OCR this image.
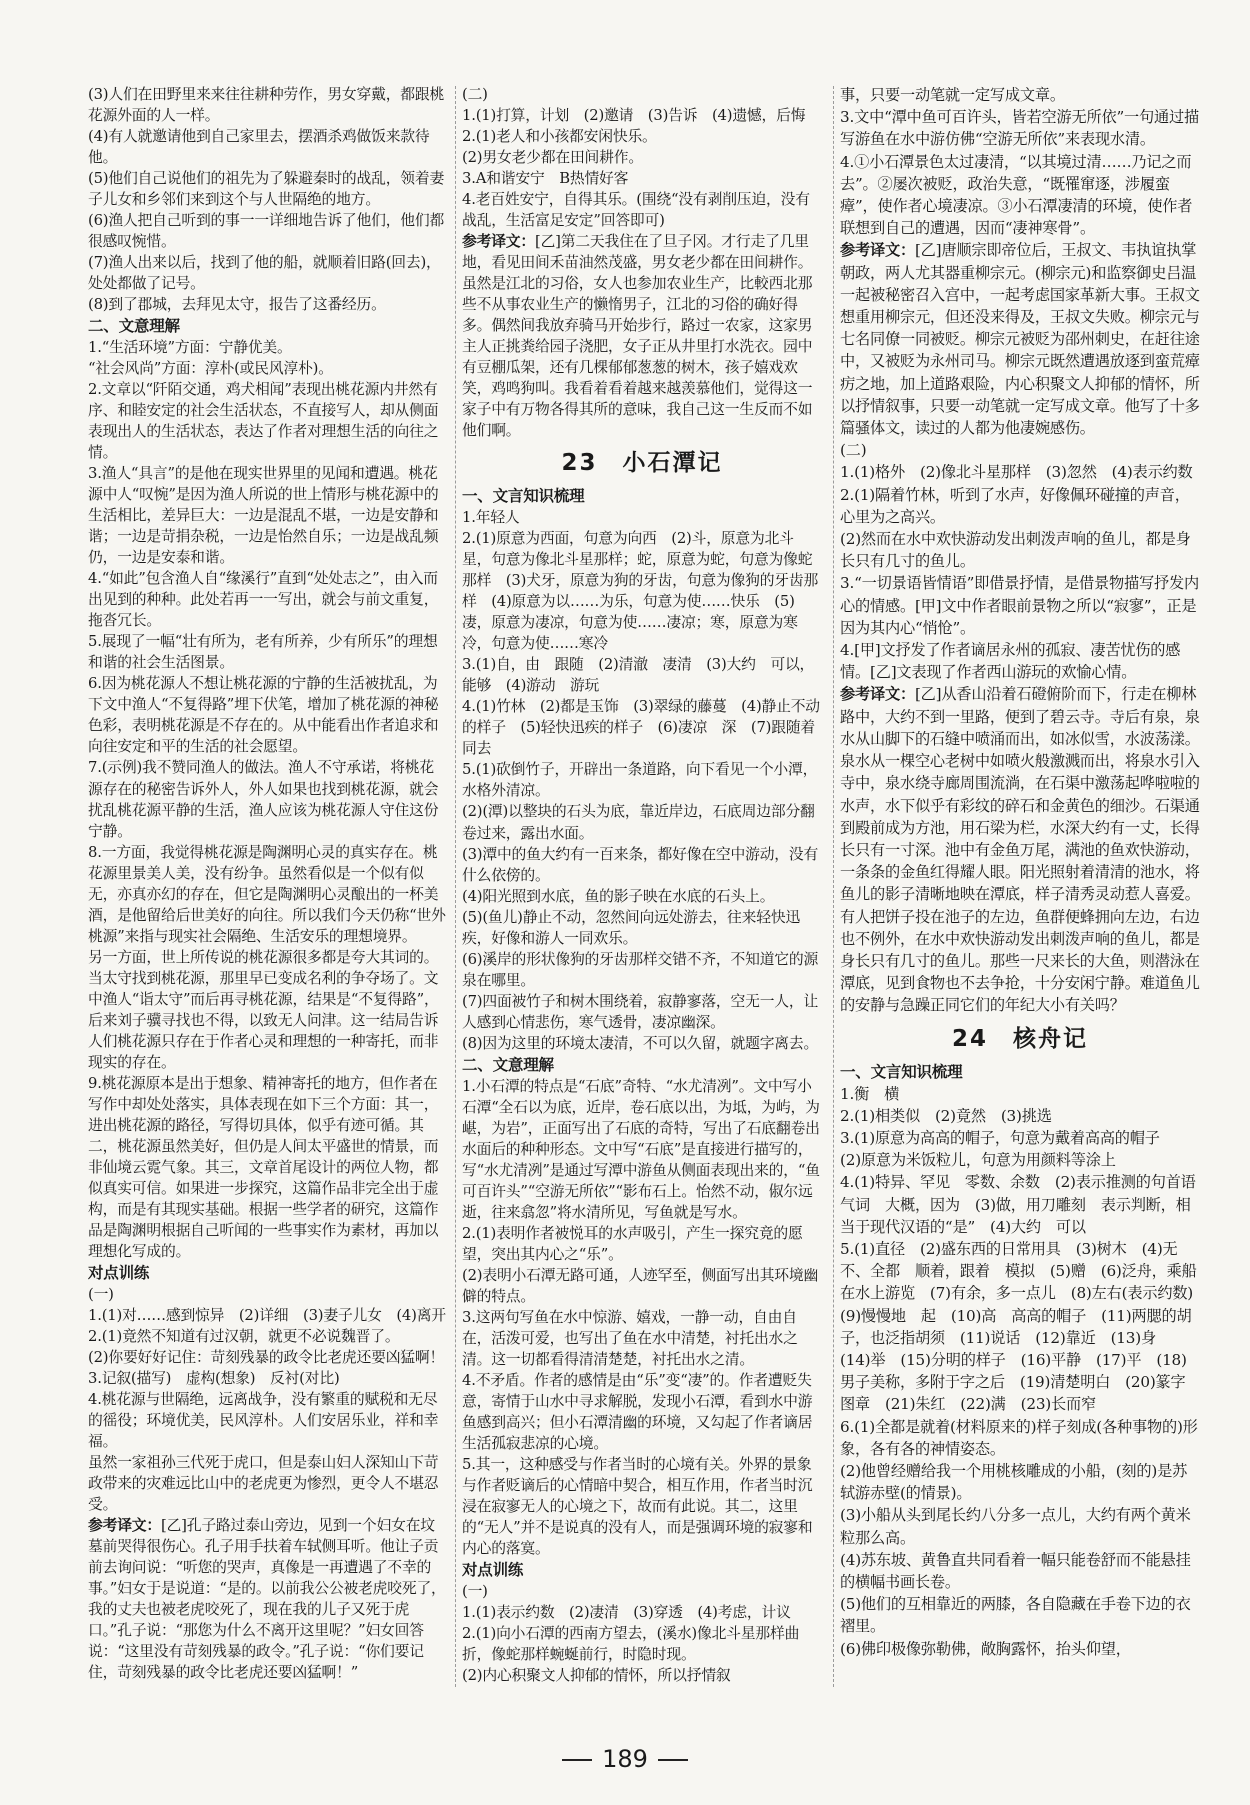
(3)人们在田野里来来往往耕种劳作，男女穿戴，都跟桃花源外面的人一样。
(4)有人就邀请他到自己家里去，摆酒杀鸡做饭来款待他。
(5)他们自己说他们的祖先为了躲避秦时的战乱，领着妻子儿女和乡邻们来到这个与人世隔绝的地方。
(6)渔人把自己听到的事一一详细地告诉了他们，他们都很感叹惋惜。
(7)渔人出来以后，找到了他的船，就顺着旧路(回去)，处处都做了记号。
(8)到了郡城，去拜见太守，报告了这番经历。

二、文意理解

1.“生活环境”方面：宁静优美。
“社会风尚”方面：淳朴(或民风淳朴)。
2.文章以“阡陌交通，鸡犬相闻”表现出桃花源内井然有序、和睦安定的社会生活状态，不直接写人，却从侧面表现出人的生活状态，表达了作者对理想生活的向往之情。
3.渔人“具言”的是他在现实世界里的见闻和遭遇。桃花源中人“叹惋”是因为渔人所说的世上情形与桃花源中的生活相比，差异巨大：一边是混乱不堪，一边是安静和谐；一边是苛捐杂税，一边是怡然自乐；一边是战乱频仍，一边是安泰和谐。
4.“如此”包含渔人自“缘溪行”直到“处处志之”，由入而出见到的种种。此处若再一一写出，就会与前文重复，拖沓冗长。
5.展现了一幅“壮有所为，老有所养，少有所乐”的理想和谐的社会生活图景。
6.因为桃花源人不想让桃花源的宁静的生活被扰乱，为下文中渔人“不复得路”埋下伏笔，增加了桃花源的神秘色彩，表明桃花源是不存在的。从中能看出作者追求和向往安定和平的生活的社会愿望。
7.(示例)我不赞同渔人的做法。渔人不守承诺，将桃花源存在的秘密告诉外人，外人如果也找到桃花源，就会扰乱桃花源平静的生活，渔人应该为桃花源人守住这份宁静。
8.一方面，我觉得桃花源是陶渊明心灵的真实存在。桃花源里景美人美，没有纷争。虽然看似是一个似有似无，亦真亦幻的存在，但它是陶渊明心灵酿出的一杯美酒，是他留给后世美好的向往。所以我们今天仍称“世外桃源”来指与现实社会隔绝、生活安乐的理想境界。
另一方面，世上所传说的桃花源很多都是夸大其词的。当太守找到桃花源，那里早已变成名利的争夺场了。文中渔人“诣太守”而后再寻桃花源，结果是“不复得路”，后来刘子骥寻找也不得，以致无人问津。这一结局告诉人们桃花源只存在于作者心灵和理想的一种寄托，而非现实的存在。
9.桃花源原本是出于想象、精神寄托的地方，但作者在写作中却处处落实，具体表现在如下三个方面：其一，进出桃花源的路径，写得切具体，似乎有迹可循。其二，桃花源虽然美好，但仍是人间太平盛世的情景，而非仙境云霓气象。其三，文章首尾设计的两位人物，都似真实可信。如果进一步探究，这篇作品非完全出于虚构，而是有其现实基础。根据一些学者的研究，这篇作品是陶渊明根据自己听闻的一些事实作为素材，再加以理想化写成的。

对点训练

(一)
1.(1)对……感到惊异　(2)详细　(3)妻子儿女　(4)离开
2.(1)竟然不知道有过汉朝，就更不必说魏晋了。
(2)你要好好记住：苛刻残暴的政令比老虎还要凶猛啊！
3.记叙(描写)　虚构(想象)　反衬(对比)
4.桃花源与世隔绝，远离战争，没有繁重的赋税和无尽的徭役；环境优美，民风淳朴。人们安居乐业，祥和幸福。
虽然一家祖孙三代死于虎口，但是泰山妇人深知山下苛政带来的灾难远比山中的老虎更为惨烈，更令人不堪忍受。

参考译文：[乙]孔子路过泰山旁边，见到一个妇女在坟墓前哭得很伤心。孔子用手扶着车轼侧耳听。他让子贡前去询问说：“听您的哭声，真像是一再遭遇了不幸的事。”妇女于是说道：“是的。以前我公公被老虎咬死了，我的丈夫也被老虎咬死了，现在我的儿子又死于虎口。”孔子说：“那您为什么不离开这里呢？”妇女回答说：“这里没有苛刻残暴的政令。”孔子说：“你们要记住，苛刻残暴的政令比老虎还要凶猛啊！”

(二)
1.(1)打算，计划　(2)邀请　(3)告诉　(4)遗憾，后悔
2.(1)老人和小孩都安闲快乐。
(2)男女老少都在田间耕作。
3.A和谐安宁　B热情好客
4.老百姓安宁，自得其乐。(围绕“没有剥削压迫，没有战乱，生活富足安定”回答即可)

参考译文：[乙]第二天我住在了旦子冈。才行走了几里地，看见田间禾苗油然茂盛，男女老少都在田间耕作。虽然是江北的习俗，女人也参加农业生产，比較西北那些不从事农业生产的懒惰男子，江北的习俗的确好得多。偶然间我放弃骑马开始步行，路过一农家，这家男主人正挑粪给园子浇肥，女子正从井里打水洗衣。园中有豆棚瓜架，还有几棵郁郁葱葱的树木，孩子嬉戏欢笑，鸡鸣狗叫。我看着看着越来越羡慕他们，觉得这一家子中有万物各得其所的意味，我自己这一生反而不如他们啊。

23　小石潭记

一、文言知识梳理

1.年轻人
2.(1)原意为西面，句意为向西　(2)斗，原意为北斗星，句意为像北斗星那样；蛇，原意为蛇，句意为像蛇那样　(3)犬牙，原意为狗的牙齿，句意为像狗的牙齿那样　(4)原意为以……为乐，句意为使……快乐　(5)凄，原意为凄凉，句意为使……凄凉；寒，原意为寒冷，句意为使……寒冷
3.(1)自，由　跟随　(2)清澈　凄清　(3)大约　可以，能够　(4)游动　游玩
4.(1)竹林　(2)都是玉饰　(3)翠绿的藤蔓　(4)静止不动的样子　(5)轻快迅疾的样子　(6)凄凉　深　(7)跟随着同去
5.(1)砍倒竹子，开辟出一条道路，向下看见一个小潭，水格外清凉。
(2)(潭)以整块的石头为底，靠近岸边，石底周边部分翻卷过来，露出水面。
(3)潭中的鱼大约有一百来条，都好像在空中游动，没有什么依傍的。
(4)阳光照到水底，鱼的影子映在水底的石头上。
(5)(鱼儿)静止不动，忽然间向远处游去，往来轻快迅疾，好像和游人一同欢乐。
(6)溪岸的形状像狗的牙齿那样交错不齐，不知道它的源泉在哪里。
(7)四面被竹子和树木围绕着，寂静寥落，空无一人，让人感到心情悲伤，寒气透骨，凄凉幽深。
(8)因为这里的环境太凄清，不可以久留，就题字离去。

二、文意理解

1.小石潭的特点是“石底”奇特、“水尤清冽”。文中写小石潭“全石以为底，近岸，卷石底以出，为坻，为屿，为嵁，为岩”，正面写出了石底的奇特，写出了石底翻卷出水面后的种种形态。文中写“石底”是直接进行描写的，写“水尤清冽”是通过写潭中游鱼从侧面表现出来的，“鱼可百许头”“空游无所依”“影布石上。怡然不动，俶尔远逝，往来翕忽”将水清所见，写鱼就是写水。
2.(1)表明作者被悦耳的水声吸引，产生一探究竟的愿望，突出其内心之“乐”。
(2)表明小石潭无路可通，人迹罕至，侧面写出其环境幽僻的特点。
3.这两句写鱼在水中惊游、嬉戏，一静一动，自由自在，活泼可爱，也写出了鱼在水中清楚，衬托出水之清。这一切都看得清清楚楚，衬托出水之清。
4.不矛盾。作者的感情是由“乐”变“凄”的。作者遭贬失意，寄情于山水中寻求解脱，发现小石潭，看到水中游鱼感到高兴；但小石潭清幽的环境，又勾起了作者谪居生活孤寂悲凉的心境。
5.其一，这种感受与作者当时的心境有关。外界的景象与作者贬谪后的心情暗中契合，相互作用，作者当时沉浸在寂寥无人的心境之下，故而有此说。其二，这里的“无人”并不是说真的没有人，而是强调环境的寂寥和内心的落寞。

对点训练

(一)
1.(1)表示约数　(2)凄清　(3)穿透　(4)考虑，计议
2.(1)向小石潭的西南方望去，(溪水)像北斗星那样曲折，像蛇那样蜿蜒前行，时隐时现。
(2)内心积聚文人抑郁的情怀，所以抒情叙

事，只要一动笔就一定写成文章。
3.文中“潭中鱼可百许头，皆若空游无所依”一句通过描写游鱼在水中游仿佛“空游无所依”来表现水清。
4.①小石潭景色太过凄清，“以其境过清……乃记之而去”。②屡次被贬，政治失意，“既罹窜逐，涉履蛮瘴”，使作者心境凄凉。③小石潭凄清的环境，使作者联想到自己的遭遇，因而“凄神寒骨”。

参考译文：[乙]唐顺宗即帝位后，王叔文、韦执谊执掌朝政，两人尤其器重柳宗元。(柳宗元)和监察御史吕温一起被秘密召入宫中，一起考虑国家革新大事。王叔文想重用柳宗元，但还没来得及，王叔文失败。柳宗元与七名同僚一同被贬。柳宗元被贬为邵州刺史，在赶往途中，又被贬为永州司马。柳宗元既然遭遇放逐到蛮荒瘴疠之地，加上道路艰险，内心积聚文人抑郁的情怀，所以抒情叙事，只要一动笔就一定写成文章。他写了十多篇骚体文，读过的人都为他凄婉感伤。

(二)
1.(1)格外　(2)像北斗星那样　(3)忽然　(4)表示约数
2.(1)隔着竹林，听到了水声，好像佩环碰撞的声音，心里为之高兴。
(2)然而在水中欢快游动发出刺泼声响的鱼儿，都是身长只有几寸的鱼儿。
3.“一切景语皆情语”即借景抒情，是借景物描写抒发内心的情感。[甲]文中作者眼前景物之所以“寂寥”，正是因为其内心“悄怆”。
4.[甲]文抒发了作者谪居永州的孤寂、凄苦忧伤的感情。[乙]文表现了作者西山游玩的欢愉心情。

参考译文：[乙]从香山沿着石磴俯阶而下，行走在柳林路中，大约不到一里路，便到了碧云寺。寺后有泉，泉水从山脚下的石缝中喷涌而出，如冰似雪，水波荡漾。泉水从一棵空心老树中如喷火般激溅而出，将泉水引入寺中，泉水绕寺廊周围流淌，在石渠中激荡起哗啦啦的水声，水下似乎有彩纹的碎石和金黄色的细沙。石渠通到殿前成为方池，用石梁为栏，水深大约有一丈，长得长只有一寸深。池中有金鱼万尾，满池的鱼欢快游动，一条条的金鱼红得耀人眼。阳光照射着清清的池水，将鱼儿的影子清晰地映在潭底，样子清秀灵动惹人喜爱。有人把饼子投在池子的左边，鱼群便蜂拥向左边，右边也不例外，在水中欢快游动发出刺泼声响的鱼儿，都是身长只有几寸的鱼儿。那些一尺来长的大鱼，则潜泳在潭底，见到食物也不去争抢，十分安闲宁静。难道鱼儿的安静与急躁正同它们的年纪大小有关吗？

24　核舟记

一、文言知识梳理

1.衡　横
2.(1)相类似　(2)竟然　(3)挑选
3.(1)原意为高高的帽子，句意为戴着高高的帽子
(2)原意为米饭粒儿，句意为用颜料等涂上
4.(1)特异、罕见　零数、余数　(2)表示推测的句首语气词　大概，因为　(3)做，用刀雕刻　表示判断，相当于现代汉语的“是”　(4)大约　可以
5.(1)直径　(2)盛东西的日常用具　(3)树木　(4)无不、全都　顺着，跟着　模拟　(5)赠　(6)泛舟，乘船在水上游览　(7)有余，多一点儿　(8)左右(表示约数)　(9)慢慢地　起　(10)高　高高的帽子　(11)两腮的胡子，也泛指胡须　(11)说话　(12)靠近　(13)身　(14)举　(15)分明的样子　(16)平静　(17)平　(18)男子美称，多附于字之后　(19)清楚明白　(20)篆字图章　(21)朱红　(22)满　(23)长而窄
6.(1)全都是就着(材料原来的)样子刻成(各种事物的)形象，各有各的神情姿态。
(2)他曾经赠给我一个用桃核雕成的小船，(刻的)是苏轼游赤壁(的情景)。
(3)小船从头到尾长约八分多一点儿，大约有两个黄米粒那么高。
(4)苏东坡、黄鲁直共同看着一幅只能卷舒而不能悬挂的横幅书画长卷。
(5)他们的互相靠近的两膝，各自隐藏在手卷下边的衣褶里。
(6)佛印极像弥勒佛，敞胸露怀，抬头仰望，

189
